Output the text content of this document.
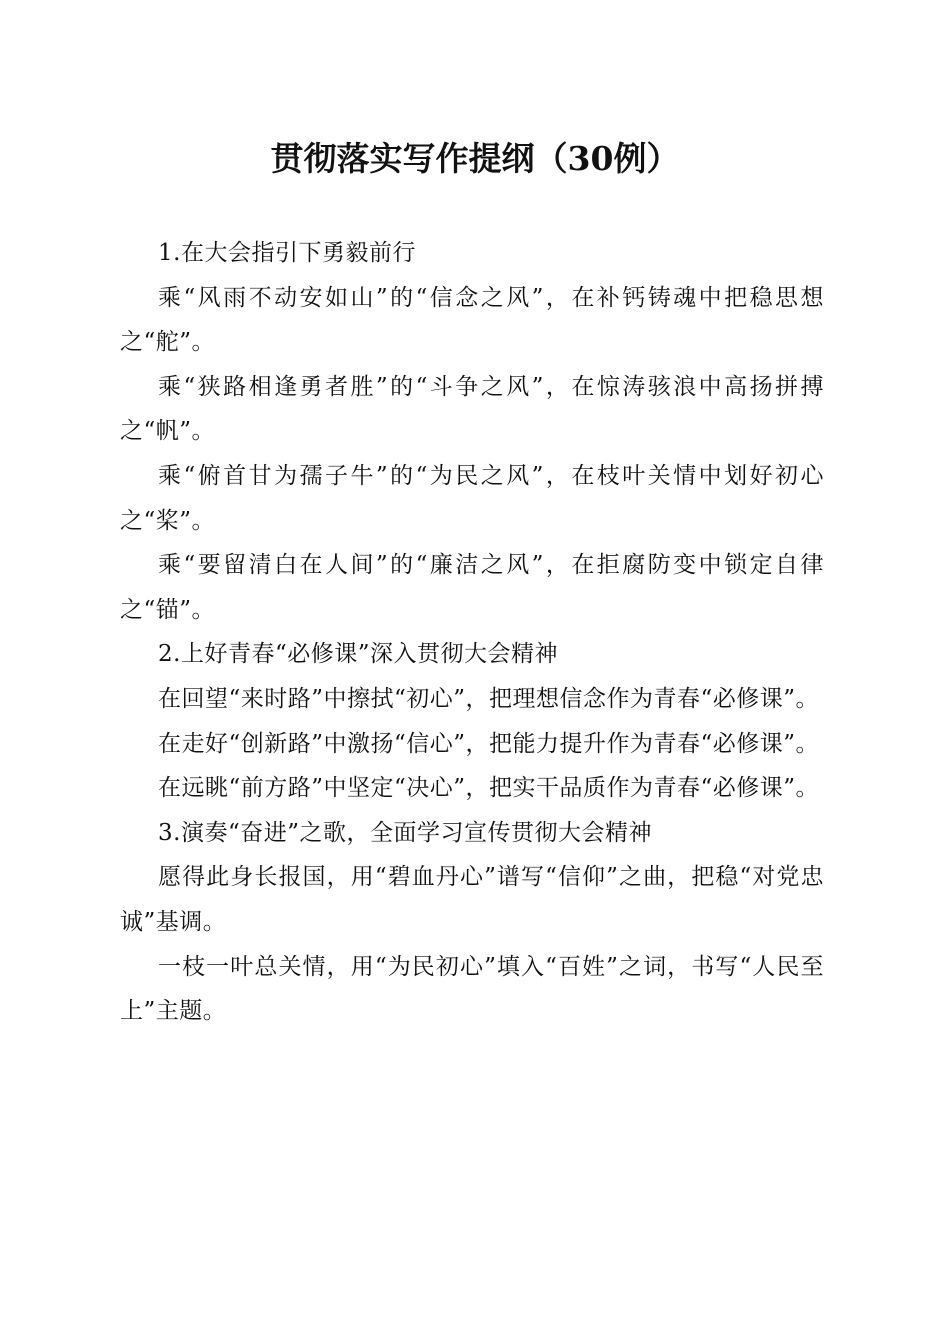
贯彻落实写作提纲（30例）

1.在大会指引下勇毅前行

乘“风雨不动安如山”的“信念之风”，在补钙铸魂中把稳思想之“舵”。

乘“狭路相逢勇者胜”的“斗争之风”，在惊涛骇浪中高扬拼搏之“帆”。

乘“俯首甘为孺子牛”的“为民之风”，在枝叶关情中划好初心之“桨”。

乘“要留清白在人间”的“廉洁之风”，在拒腐防变中锁定自律之“锚”。

2.上好青春“必修课”深入贯彻大会精神

在回望“来时路”中擦拭“初心”，把理想信念作为青春“必修课”。

在走好“创新路”中激扬“信心”，把能力提升作为青春“必修课”。

在远眺“前方路”中坚定“决心”，把实干品质作为青春“必修课”。

3.演奏“奋进”之歌，全面学习宣传贯彻大会精神

愿得此身长报国，用“碧血丹心”谱写“信仰”之曲，把稳“对党忠诚”基调。

一枝一叶总关情，用“为民初心”填入“百姓”之词，书写“人民至上”主题。
